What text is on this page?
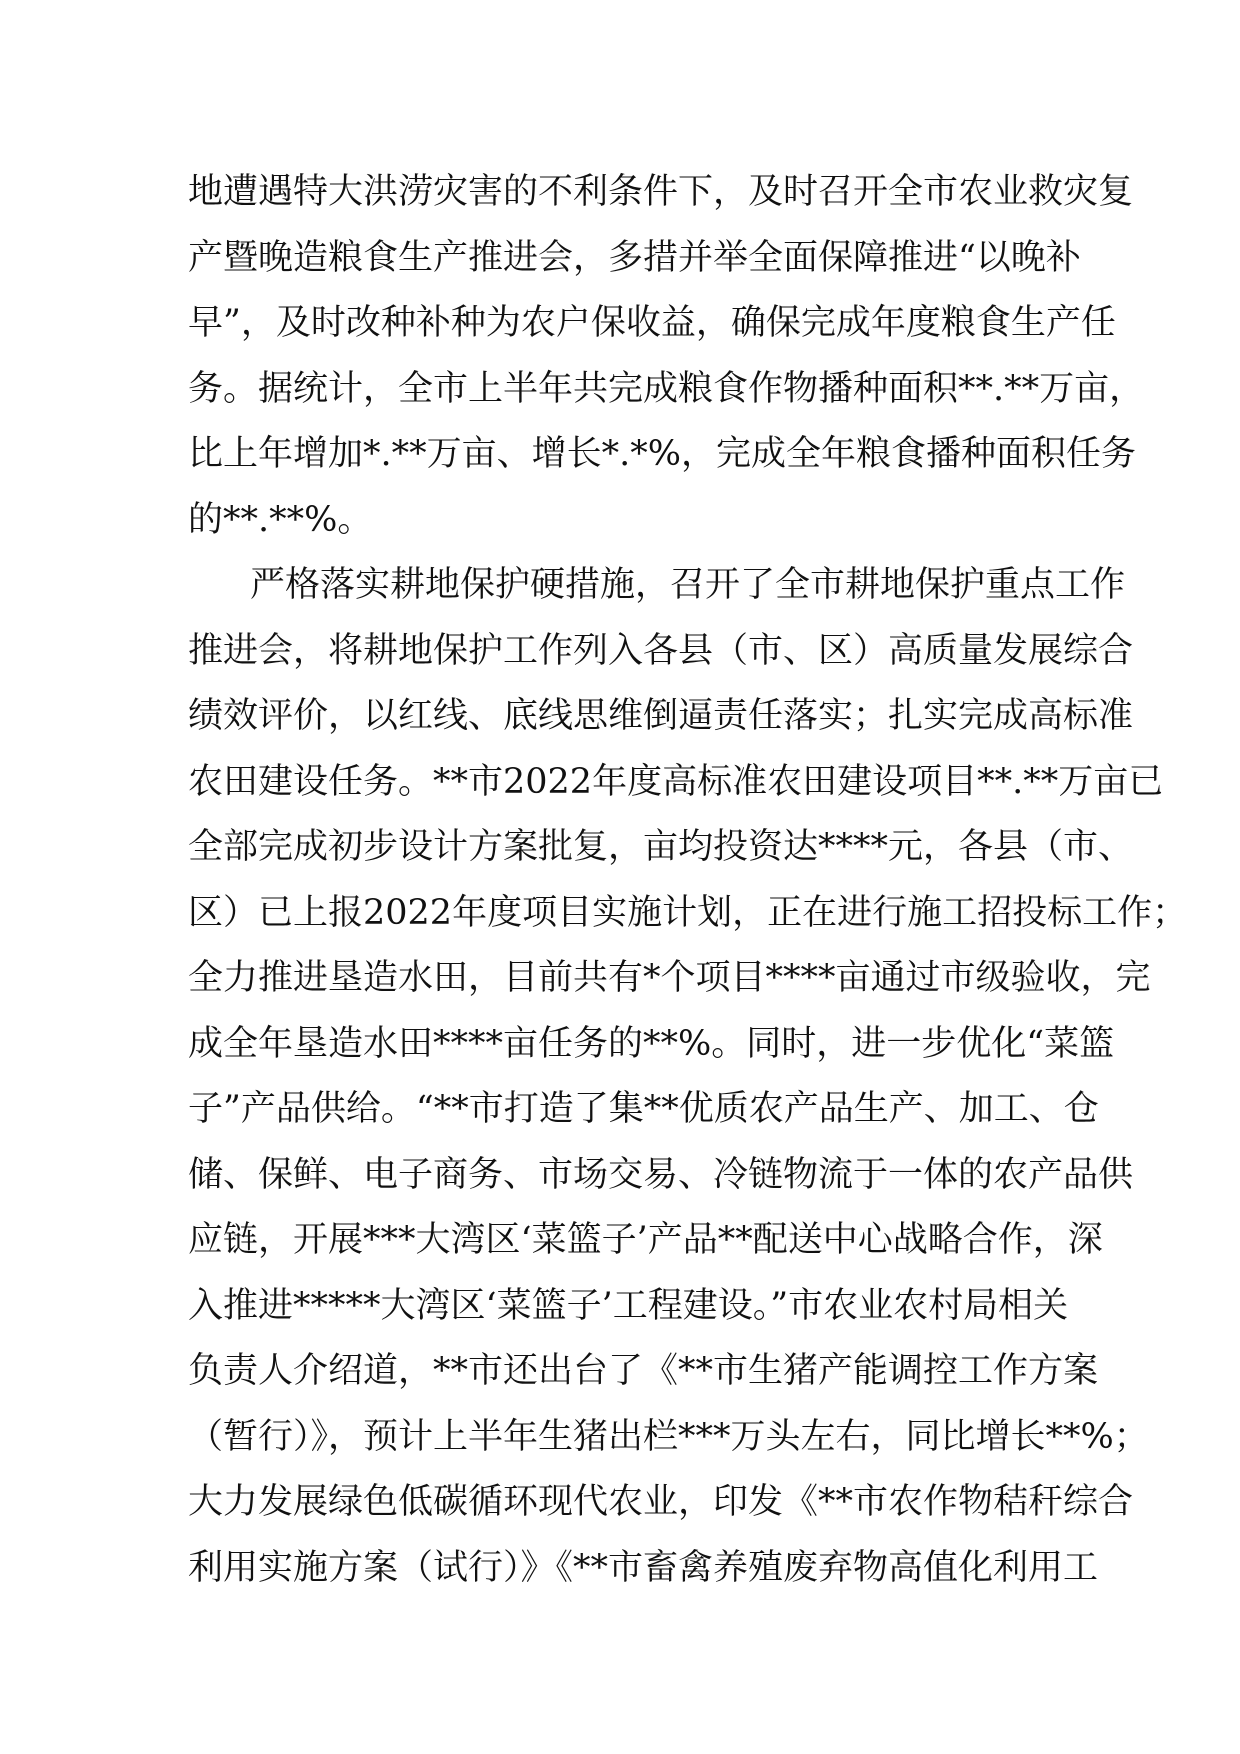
地遭遇特大洪涝灾害的不利条件下，及时召开全市农业救灾复
产暨晚造粮食生产推进会，多措并举全面保障推进“以晚补
早”，及时改种补种为农户保收益，确保完成年度粮食生产任
务。据统计，全市上半年共完成粮食作物播种面积**.**万亩，
比上年增加*.**万亩、增长*.*%，完成全年粮食播种面积任务
的**.**%。
严格落实耕地保护硬措施，召开了全市耕地保护重点工作
推进会，将耕地保护工作列入各县（市、区）高质量发展综合
绩效评价，以红线、底线思维倒逼责任落实；扎实完成高标准
农田建设任务。**市2022年度高标准农田建设项目**.**万亩已
全部完成初步设计方案批复，亩均投资达****元，各县（市、
区）已上报2022年度项目实施计划，正在进行施工招投标工作；
全力推进垦造水田，目前共有*个项目****亩通过市级验收，完
成全年垦造水田****亩任务的**%。同时，进一步优化“菜篮
子”产品供给。“**市打造了集**优质农产品生产、加工、仓
储、保鲜、电子商务、市场交易、冷链物流于一体的农产品供
应链，开展***大湾区‘菜篮子’产品**配送中心战略合作，深
入推进*****大湾区‘菜篮子’工程建设。”市农业农村局相关
负责人介绍道，**市还出台了《**市生猪产能调控工作方案
（暂行）》，预计上半年生猪出栏***万头左右，同比增长**%；
大力发展绿色低碳循环现代农业，印发《**市农作物秸秆综合
利用实施方案（试行）》《**市畜禽养殖废弃物高值化利用工
